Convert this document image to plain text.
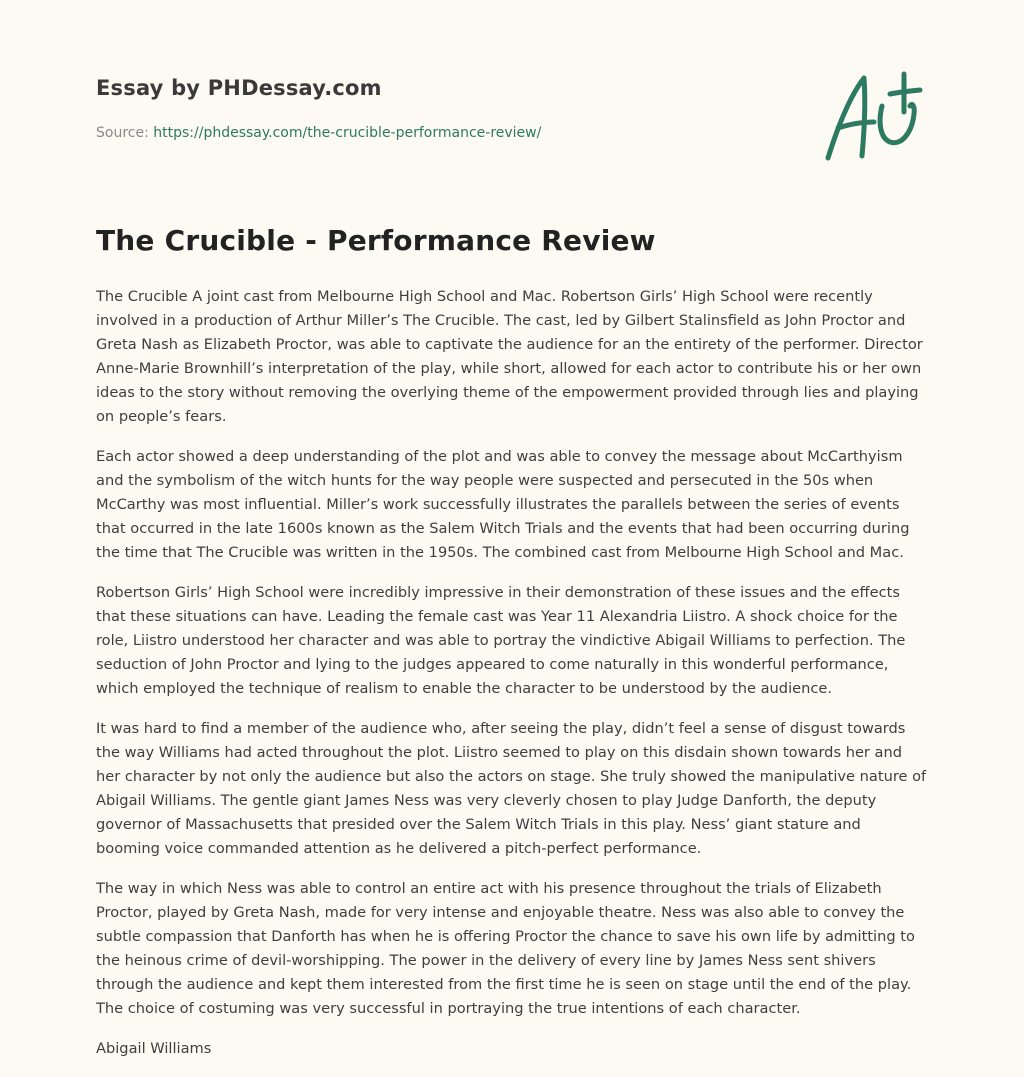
Essay by PHDessay.com
Source: https://phdessay.com/the-crucible-performance-review/
The Crucible - Performance Review

The Crucible A joint cast from Melbourne High School and Mac. Robertson Girls’ High School were recently involved in a production of Arthur Miller’s The Crucible. The cast, led by Gilbert Stalinsfield as John Proctor and Greta Nash as Elizabeth Proctor, was able to captivate the audience for an the entirety of the performer. Director Anne-Marie Brownhill’s interpretation of the play, while short, allowed for each actor to contribute his or her own ideas to the story without removing the overlying theme of the empowerment provided through lies and playing on people’s fears.

Each actor showed a deep understanding of the plot and was able to convey the message about McCarthyism and the symbolism of the witch hunts for the way people were suspected and persecuted in the 50s when McCarthy was most influential. Miller’s work successfully illustrates the parallels between the series of events that occurred in the late 1600s known as the Salem Witch Trials and the events that had been occurring during the time that The Crucible was written in the 1950s. The combined cast from Melbourne High School and Mac.

Robertson Girls’ High School were incredibly impressive in their demonstration of these issues and the effects that these situations can have. Leading the female cast was Year 11 Alexandria Liistro. A shock choice for the role, Liistro understood her character and was able to portray the vindictive Abigail Williams to perfection. The seduction of John Proctor and lying to the judges appeared to come naturally in this wonderful performance, which employed the technique of realism to enable the character to be understood by the audience.

It was hard to find a member of the audience who, after seeing the play, didn’t feel a sense of disgust towards the way Williams had acted throughout the plot. Liistro seemed to play on this disdain shown towards her and her character by not only the audience but also the actors on stage. She truly showed the manipulative nature of Abigail Williams. The gentle giant James Ness was very cleverly chosen to play Judge Danforth, the deputy governor of Massachusetts that presided over the Salem Witch Trials in this play. Ness’ giant stature and booming voice commanded attention as he delivered a pitch-perfect performance.

The way in which Ness was able to control an entire act with his presence throughout the trials of Elizabeth Proctor, played by Greta Nash, made for very intense and enjoyable theatre. Ness was also able to convey the subtle compassion that Danforth has when he is offering Proctor the chance to save his own life by admitting to the heinous crime of devil-worshipping. The power in the delivery of every line by James Ness sent shivers through the audience and kept them interested from the first time he is seen on stage until the end of the play. The choice of costuming was very successful in portraying the true intentions of each character.

Abigail Williams
